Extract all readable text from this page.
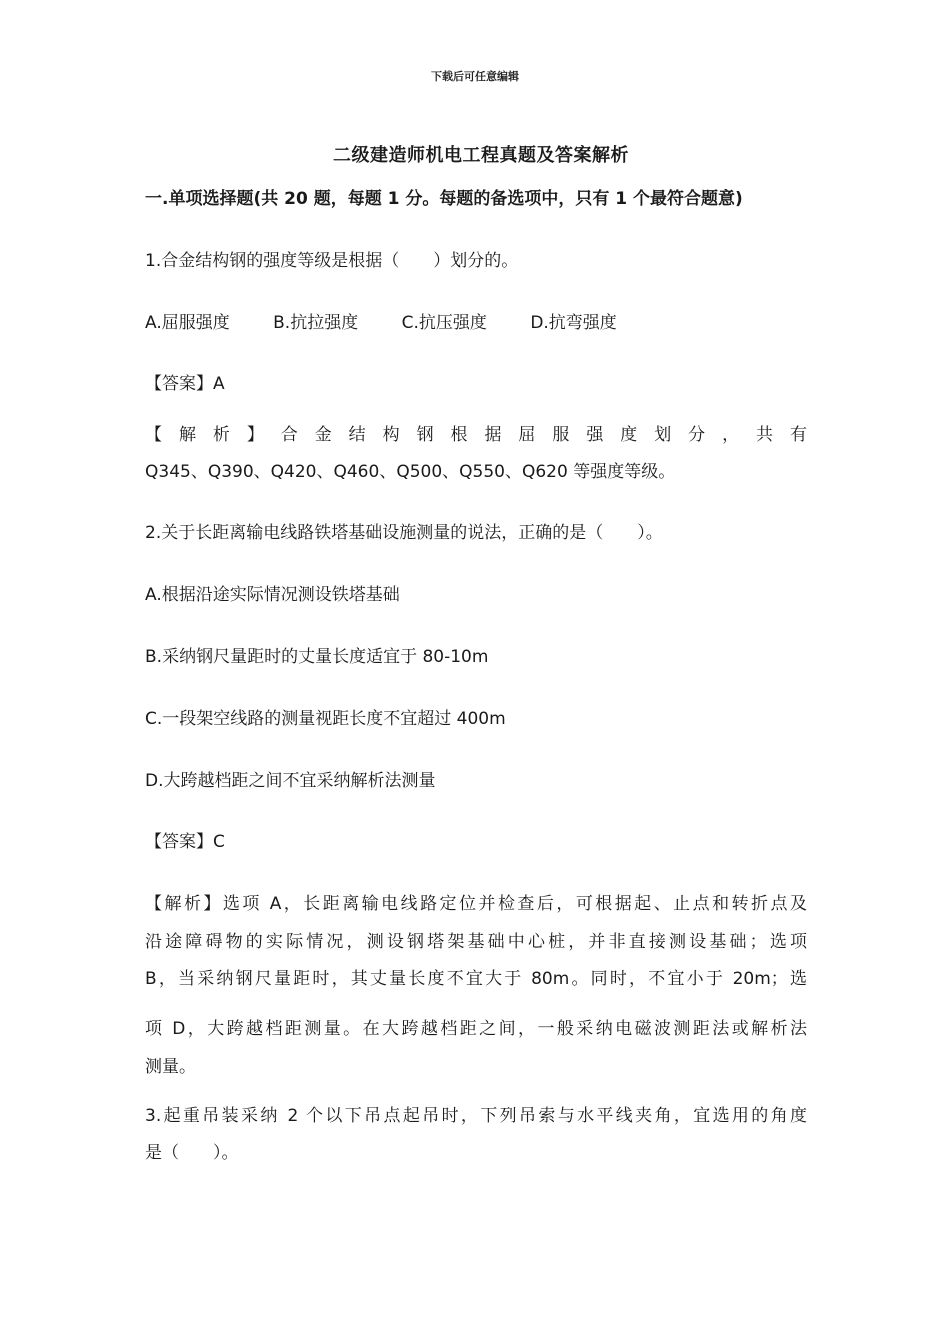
下载后可任意编辑
二级建造师机电工程真题及答案解析
一.单项选择题(共 20 题，每题 1 分。每题的备选项中，只有 1 个最符合题意)
1.合金结构钢的强度等级是根据（　　）划分的。
A.屈服强度	B.抗拉强度	C.抗压强度	D.抗弯强度
【答案】A
【 解 析 】 合 金 结 构 钢 根 据 屈 服 强 度 划 分 ， 共 有
Q345、Q390、Q420、Q460、Q500、Q550、Q620 等强度等级。
2.关于长距离输电线路铁塔基础设施测量的说法，正确的是（　　）。
A.根据沿途实际情况测设铁塔基础
B.采纳钢尺量距时的丈量长度适宜于 80-10m
C.一段架空线路的测量视距长度不宜超过 400m
D.大跨越档距之间不宜采纳解析法测量
【答案】C
【解析】选项 A，长距离输电线路定位并检查后，可根据起、止点和转折点及
沿途障碍物的实际情况，测设钢塔架基础中心桩，并非直接测设基础；选项
B，当采纳钢尺量距时，其丈量长度不宜大于 80m。同时，不宜小于 20m；选
项 D，大跨越档距测量。在大跨越档距之间，一般采纳电磁波测距法或解析法
测量。
3.起重吊装采纳 2 个以下吊点起吊时，下列吊索与水平线夹角，宜选用的角度
是（　　）。
